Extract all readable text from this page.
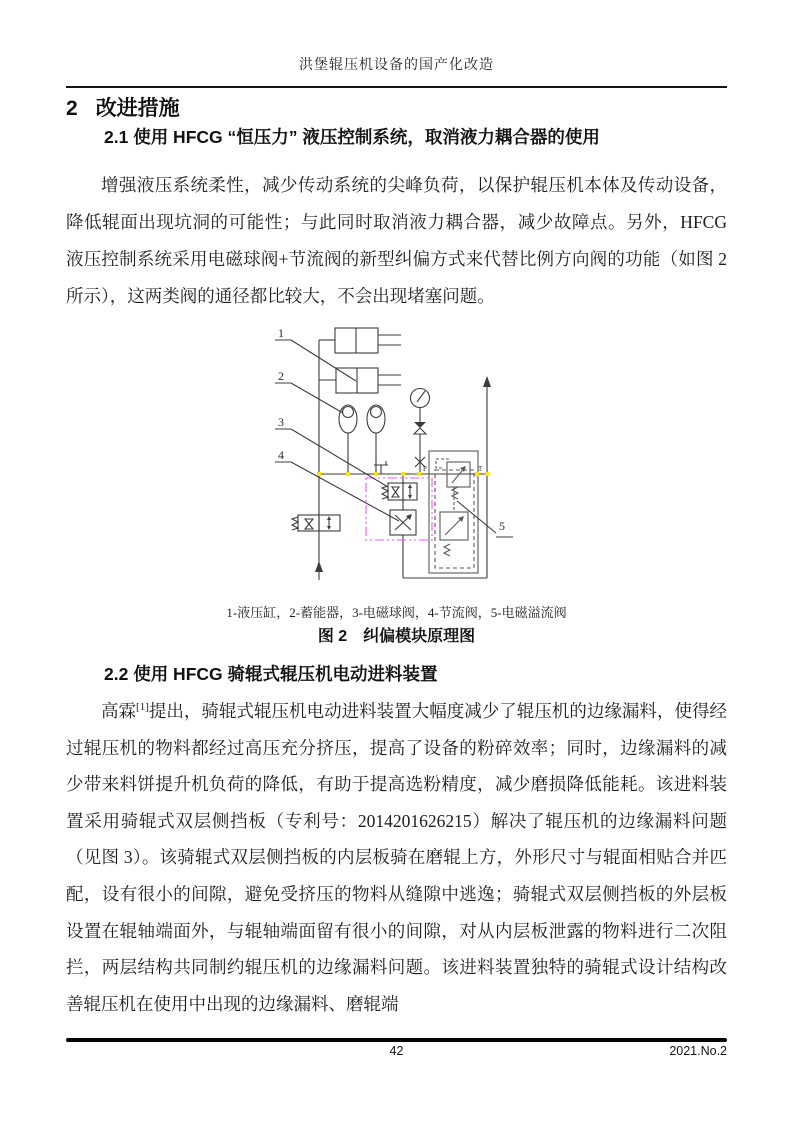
洪堡辊压机设备的国产化改造
2 改进措施
2.1 使用 HFCG “恒压力” 液压控制系统，取消液力耦合器的使用

增强液压系统柔性，减少传动系统的尖峰负荷，以保护辊压机本体及传动设备，降低辊面出现坑洞的可能性；与此同时取消液力耦合器，减少故障点。另外，HFCG 液压控制系统采用电磁球阀+节流阀的新型纠偏方式来代替比例方向阀的功能（如图 2 所示），这两类阀的通径都比较大，不会出现堵塞问题。

1
2
3
4
5
P	T
1-液压缸，2-蓄能器，3-电磁球阀，4-节流阀，5-电磁溢流阀
图 2　纠偏模块原理图
2.2 使用 HFCG 骑辊式辊压机电动进料装置

高霖[1]提出，骑辊式辊压机电动进料装置大幅度减少了辊压机的边缘漏料，使得经过辊压机的物料都经过高压充分挤压，提高了设备的粉碎效率；同时，边缘漏料的减少带来料饼提升机负荷的降低，有助于提高选粉精度，减少磨损降低能耗。该进料装置采用骑辊式双层侧挡板（专利号：2014201626215）解决了辊压机的边缘漏料问题（见图 3）。该骑辊式双层侧挡板的内层板骑在磨辊上方，外形尺寸与辊面相贴合并匹配，设有很小的间隙，避免受挤压的物料从缝隙中逃逸；骑辊式双层侧挡板的外层板设置在辊轴端面外，与辊轴端面留有很小的间隙，对从内层板泄露的物料进行二次阻拦，两层结构共同制约辊压机的边缘漏料问题。该进料装置独特的骑辊式设计结构改善辊压机在使用中出现的边缘漏料、磨辊端

42	2021.No.2
